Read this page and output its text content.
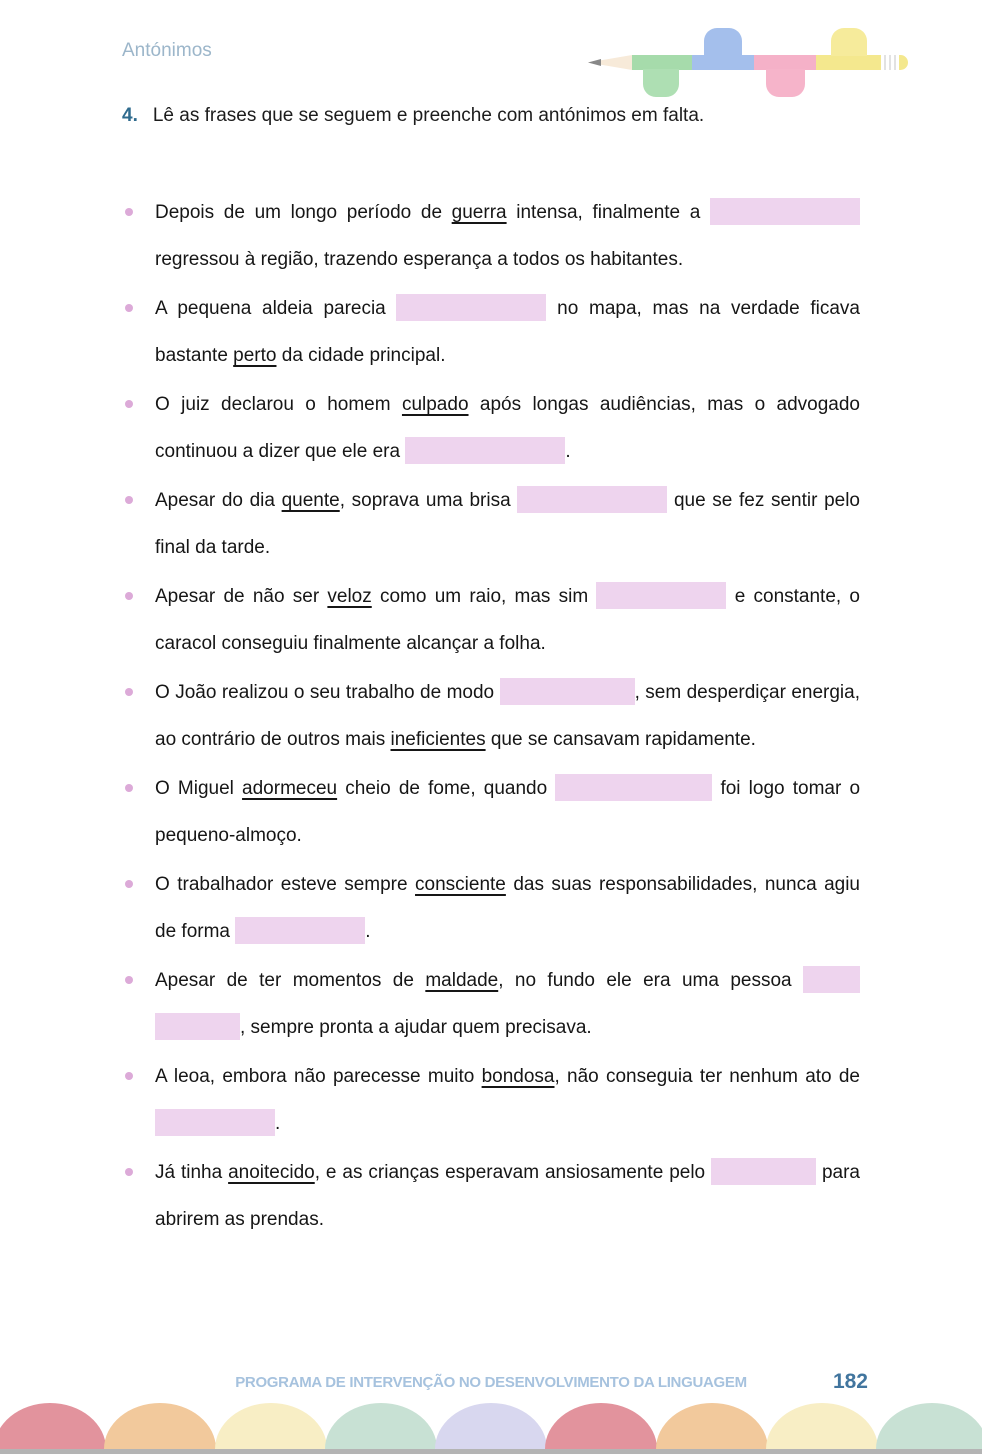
Antónimos
4. Lê as frases que se seguem e preenche com antónimos em falta.

Depois de um longo período de guerra intensa, finalmente a  regressou à região, trazendo esperança a todos os habitantes.

A pequena aldeia parecia	no mapa, mas na verdade ficava bastante perto da cidade principal.

O juiz declarou o homem culpado após longas audiências, mas o advogado continuou a dizer que ele era	.

Apesar do dia quente, soprava uma brisa	que se fez sentir pelo final da tarde.

Apesar de não ser veloz como um raio, mas sim	e constante, o caracol conseguiu finalmente alcançar a folha.

O João realizou o seu trabalho de modo	, sem desperdiçar energia, ao contrário de outros mais ineficientes que se cansavam rapidamente.

O Miguel adormeceu cheio de fome, quando	foi logo tomar o pequeno-almoço.

O trabalhador esteve sempre consciente das suas responsabilidades, nunca agiu de forma	.

Apesar de ter momentos de maldade, no fundo ele era uma pessoa , sempre pronta a ajudar quem precisava.

A leoa, embora não parecesse muito bondosa, não conseguia ter nenhum ato de .

Já tinha anoitecido, e as crianças esperavam ansiosamente pelo	para abrirem as prendas.

PROGRAMA DE INTERVENÇÃO NO DESENVOLVIMENTO DA LINGUAGEM	182
